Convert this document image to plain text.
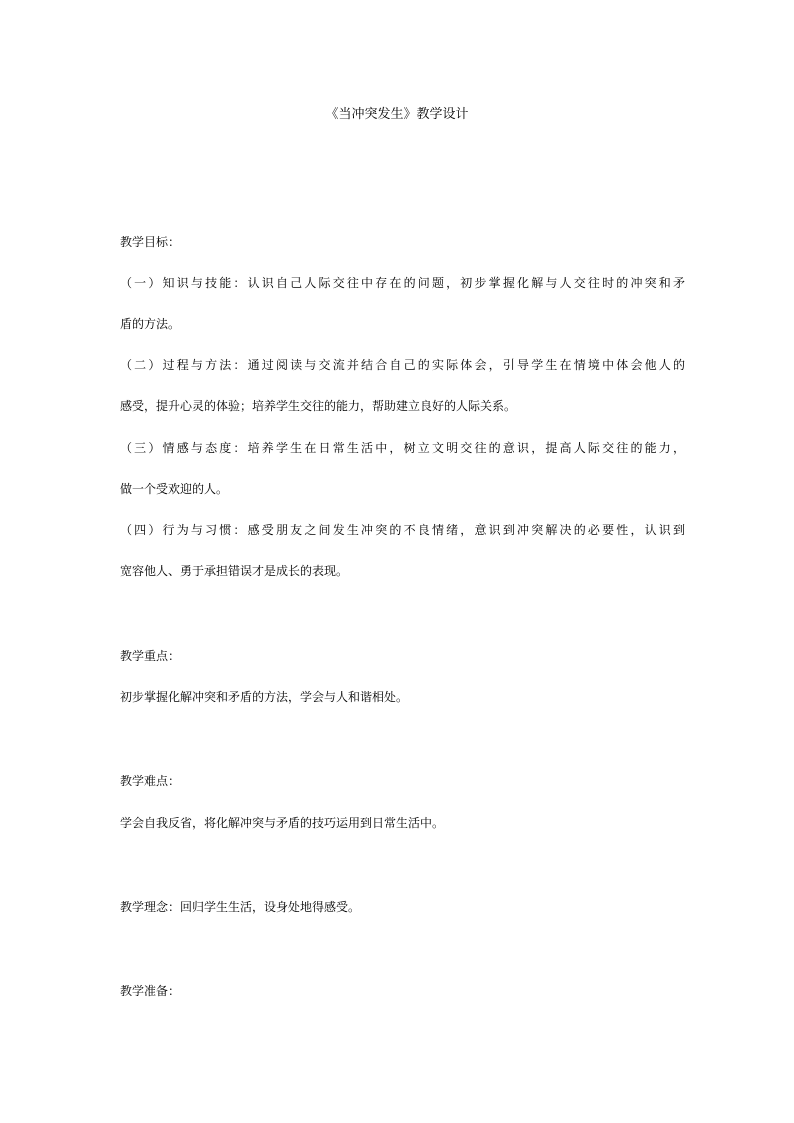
《当冲突发生》教学设计
教学目标：
（一）知识与技能：认识自己人际交往中存在的问题，初步掌握化解与人交往时的冲突和矛
盾的方法。
（二）过程与方法：通过阅读与交流并结合自己的实际体会，引导学生在情境中体会他人的
感受，提升心灵的体验；培养学生交往的能力，帮助建立良好的人际关系。
（三）情感与态度：培养学生在日常生活中，树立文明交往的意识，提高人际交往的能力，
做一个受欢迎的人。
（四）行为与习惯：感受朋友之间发生冲突的不良情绪，意识到冲突解决的必要性，认识到
宽容他人、勇于承担错误才是成长的表现。
教学重点：
初步掌握化解冲突和矛盾的方法，学会与人和谐相处。
教学难点：
学会自我反省，将化解冲突与矛盾的技巧运用到日常生活中。
教学理念：回归学生生活，设身处地得感受。
教学准备：
